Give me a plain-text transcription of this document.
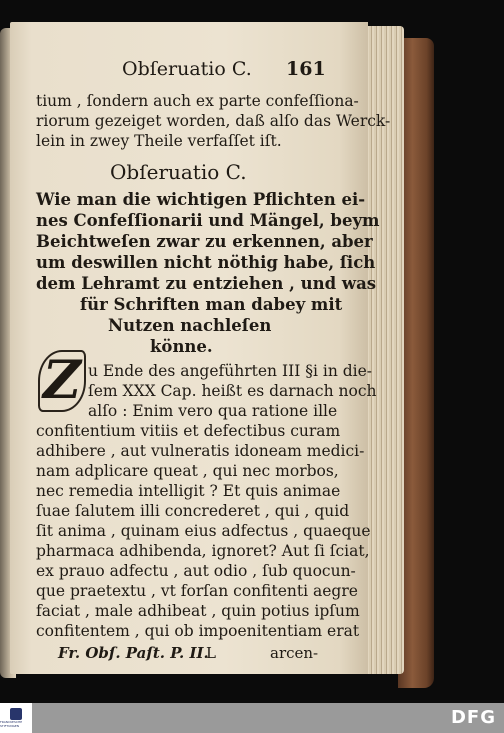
Obſeruatio C. 161
tium , ſondern auch ex parte confeſſiona-
riorum gezeiget worden, daß alſo das Werck-
lein in zwey Theile verfaſſet iſt.
Obſeruatio C.
Wie man die wichtigen Pflichten ei-
nes Confeſſionarii und Mängel, beym
Beichtweſen zwar zu erkennen, aber
um deswillen nicht nöthig habe, ſich
dem Lehramt zu entziehen , und was
für Schriften man dabey mit
Nutzen nachleſen
könne.
Z u Ende des angeführten III §i in die-
ſem XXX Cap. heißt es darnach noch
alſo : Enim vero qua ratione ille
confitentium vitiis et defectibus curam
adhibere , aut vulneratis idoneam medici-
nam adplicare queat , qui nec morbos,
nec remedia intelligit ? Et quis animae
ſuae ſalutem illi concrederet , qui , quid
ſit anima , quinam eius adfectus , quaeque
pharmaca adhibenda, ignoret? Aut ſi ſciat,
ex prauo adfectu , aut odio , ſub quocun-
que praetextu , vt forſan confitenti aegre
faciat , male adhibeat , quin potius ipſum
confitentem , qui ob impoenitentiam erat
Fr. Obſ. Paſt. P. II.
L	arcen-
FRANCKESCHE STIFTUNGEN	DFG
